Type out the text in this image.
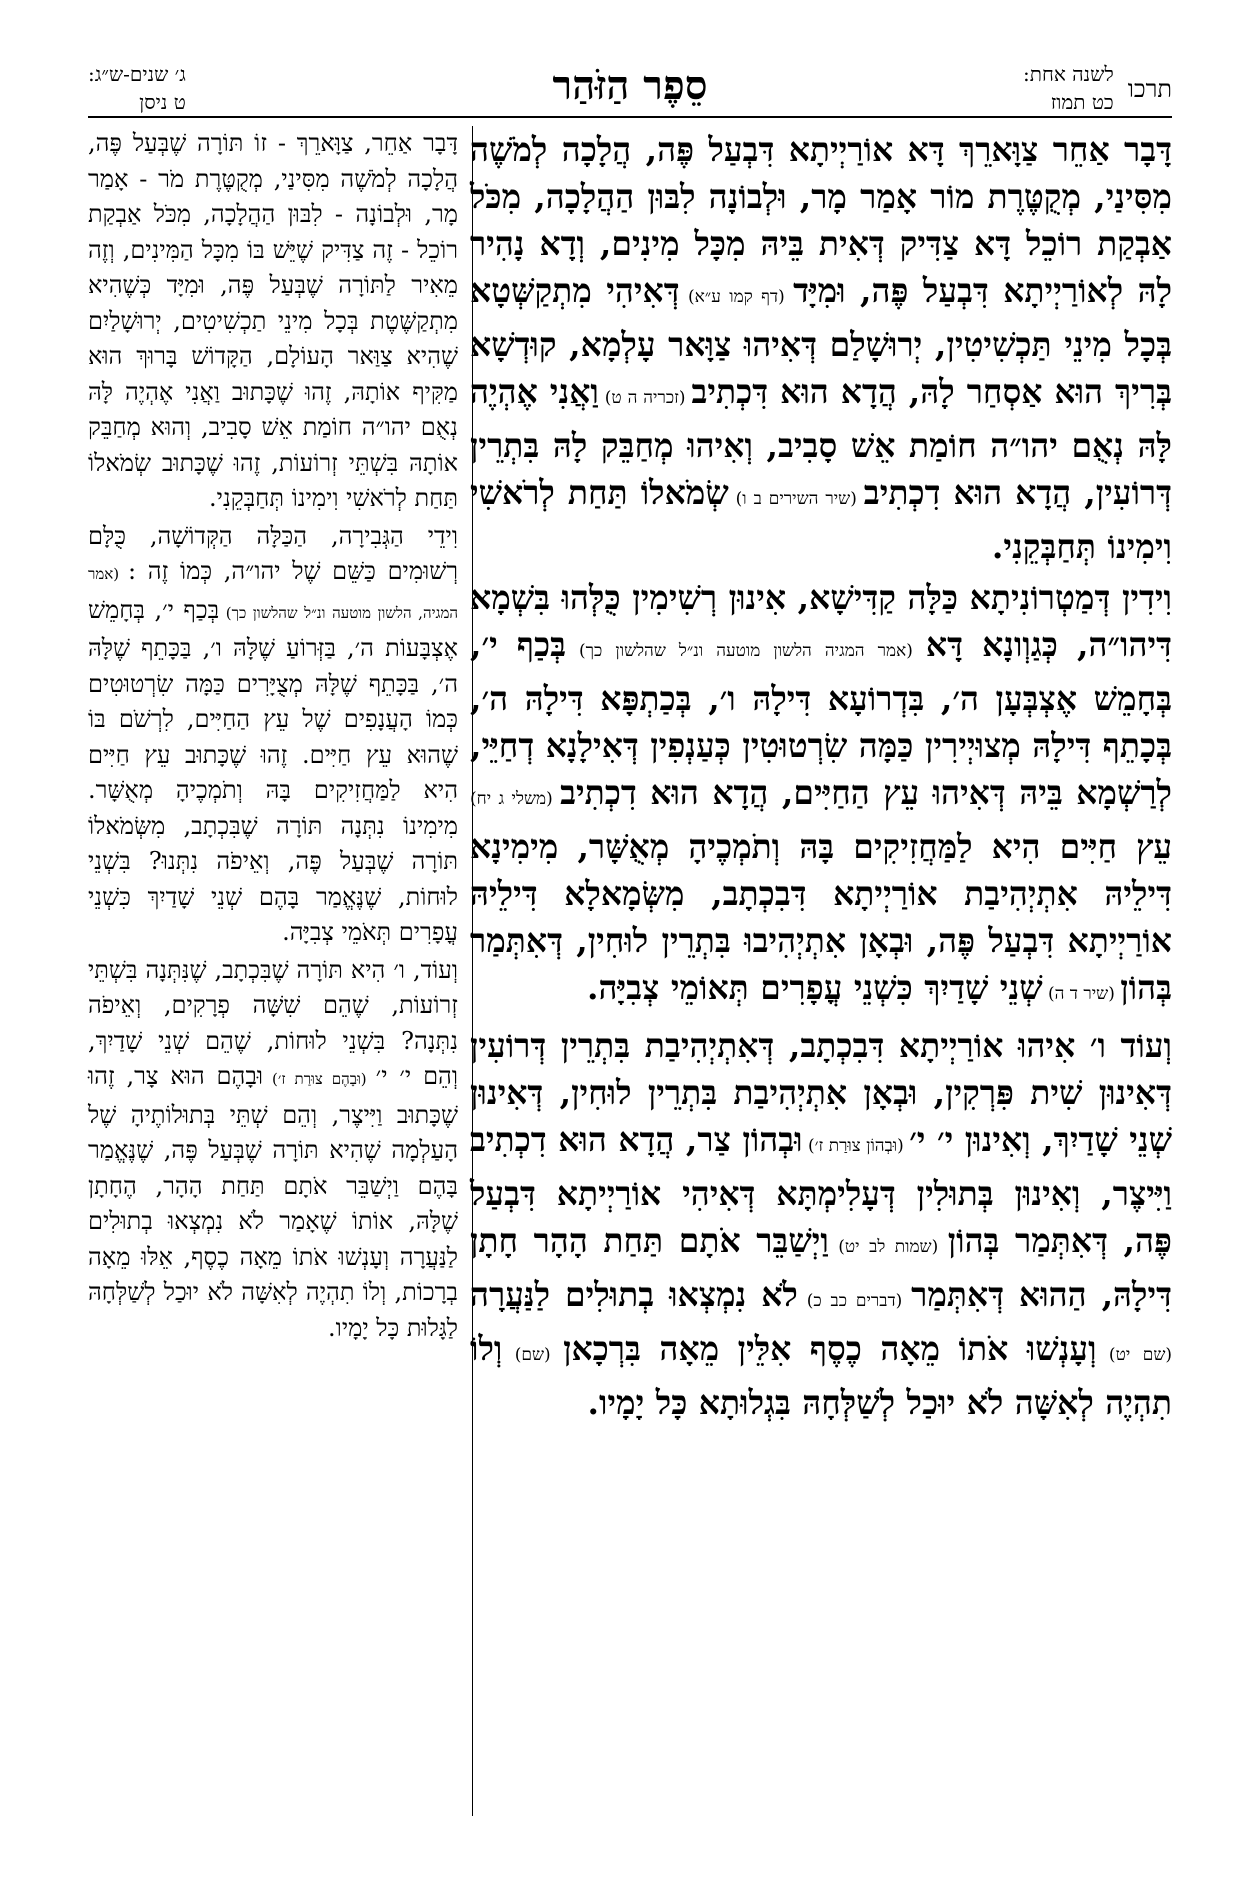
תרכו
לשנה אחת:
כט תמוז
סֵפֶר הַזֹּהַר
ג׳ שנים-ש״ג:
ט ניסן

דָּבָר אַחֵר צַוָּארֵךְ דָּא אוֹרַיְיתָא דִּבְעַל פֶּה, הֲלָכָה לְמֹשֶׁה מִסִּינַי, מְקֻטֶּרֶת מוֹר אָמַר מָר, וּלְבוֹנָה לִבּוּן הַהֲלָכָה, מִכֹּל אַבְקַת רוֹכֵל דָּא צַדִּיק דְּאִית בֵּיהּ מִכָּל מִינִים, וְדָא נָהִיר לָהּ לְאוֹרַיְיתָא דִּבְעַל פֶּה, וּמִיָּד (דף קמו ע״א) דְּאִיהִי מִתְקַשְּׁטָא בְּכָל מִינֵי תַּכְשִׁיטִין, יְרוּשָׁלַם דְּאִיהוּ צַוָּאר עָלְמָא, קוּדְשָׁא בְּרִיךְ הוּא אַסְחַר לָהּ, הֲדָא הוּא דִּכְתִיב (זכריה ה ט) וַאֲנִי אֶהְיֶה לָּהּ נְאֻם יהו״ה חוֹמַת אֵשׁ סָבִיב, וְאִיהוּ מְחַבֵּק לָהּ בִּתְרֵין דְּרוֹעִין, הֲדָא הוּא דִכְתִיב (שיר השירים ב ו) שְׂמֹאלוֹ תַּחַת לְרֹאשִׁי וִימִינוֹ תְּחַבְּקֵנִי.

וִידִין דְּמַטְרוֹנִיתָא כַּלָּה קַדִּישָׁא, אִינוּן רְשִׁימִין כֻּלְּהוּ בִּשְׁמָא דִּיהו״ה, כְּגַוְונָא דָּא (אמר המגיה הלשון מוטעה ונ״ל שהלשון כך) בְּכַף י׳, בְּחָמֵשׁ אֶצְבְּעָן ה׳, בִּדְרוֹעָא דִּילָהּ ו׳, בְּכַתְפָּא דִּילָהּ ה׳, בְּכָתֵף דִּילָהּ מְצוּיְירִין כַּמָּה שִׂרְטוּטִין כְּעַנְפִין דְּאִילָנָא דְחַיֵּי, לְרַשְׁמָא בֵּיהּ דְּאִיהוּ עֵץ הַחַיִּים, הֲדָא הוּא דִכְתִיב (משלי ג יח) עֵץ חַיִּים הִיא לַמַּחֲזִיקִים בָּהּ וְתֹמְכֶיהָ מְאֻשָּׁר, מִימִינָא דִּילֵיהּ אִתְיְהִיבַת אוֹרַיְיתָא דִּבִכְתָב, מִשְּׂמָאלָא דִּילֵיהּ אוֹרַיְיתָא דִּבְעַל פֶּה, וּבְאָן אִתְיְהִיבוּ בִּתְרֵין לוּחִין, דְּאִתְּמַר בְּהוֹן (שיר ד ה) שְׁנֵי שָׁדַיִךְ כִּשְׁנֵי עֳפָרִים תְּאוֹמֵי צְבִיָּה.

וְעוֹד ו׳ אִיהוּ אוֹרַיְיתָא דִּבִכְתָב, דְּאִתְיְהִיבַת בִּתְרֵין דְּרוֹעִין דְּאִינוּן שִׁית פִּרְקִין, וּבְאָן אִתְיְהִיבַת בִּתְרֵין לוּחִין, דְּאִינוּן שְׁנֵי שָׁדַיִךְ, וְאִינוּן י׳ י׳ (וּבְהוֹן צוּרַת ז׳) וּבְהוֹן צַר, הֲדָא הוּא דִכְתִיב וַיִּיצֶר, וְאִינוּן בְּתוּלִין דְּעָלִימְתָּא דְּאִיהִי אוֹרַיְיתָא דִּבְעַל פֶּה, דְּאִתְּמַר בְּהוֹן (שמות לב יט) וַיְשַׁבֵּר אֹתָם תַּחַת הָהָר חָתָן דִּילָהּ, הַהוּא דְּאִתְּמַר (דברים כב כ) לֹא נִמְצְאוּ בְתוּלִים לַנַּעֲרָה (שם יט) וְעָנְשׁוּ אֹתוֹ מֵאָה כֶסֶף אִלֵּין מֵאָה בִּרְכָאן (שם) וְלוֹ תִהְיֶה לְאִשָּׁה לֹא יוּכַל לְשַׁלְּחָהּ בִּגְלוּתָא כָּל יָמָיו.

דָּבָר אַחֵר, צַוָּארֵךְ - זוֹ תּוֹרָה שֶׁבְּעַל פֶּה, הֲלָכָה לְמֹשֶׁה מִסִּינַי, מְקֻטֶּרֶת מֹר - אָמַר מָר, וּלְבוֹנָה - לִבּוּן הַהֲלָכָה, מִכֹּל אַבְקַת רוֹכֵל - זֶה צַדִּיק שֶׁיֵּשׁ בּוֹ מִכָּל הַמִּינִים, וְזֶה מֵאִיר לַתּוֹרָה שֶׁבְּעַל פֶּה, וּמִיָּד כְּשֶׁהִיא מִתְקַשֶּׁטֶת בְּכָל מִינֵי תַכְשִׁיטִים, יְרוּשָׁלַיִם שֶׁהִיא צַוַּאר הָעוֹלָם, הַקָּדוֹשׁ בָּרוּךְ הוּא מַקִּיף אוֹתָהּ, זֶהוּ שֶׁכָּתוּב וַאֲנִי אֶהְיֶה לָּהּ נְאֻם יהו״ה חוֹמַת אֵשׁ סָבִיב, וְהוּא מְחַבֵּק אוֹתָהּ בִּשְׁתֵּי זְרוֹעוֹת, זֶהוּ שֶׁכָּתוּב שְׂמֹאלוֹ תַּחַת לְרֹאשִׁי וִימִינוֹ תְּחַבְּקֵנִי.

וִידֵי הַגְּבִירָה, הַכַּלָּה הַקְּדוֹשָׁה, כֻּלָּם רְשׁוּמִים כַּשֵּׁם שֶׁל יהו״ה, כְּמוֹ זֶה : (אמר המגיה, הלשון מוטעה ונ״ל שהלשון כך) בְּכַף י׳, בְּחָמֵשׁ אֶצְבָּעוֹת ה׳, בַּזְּרוֹעַ שֶׁלָּהּ ו׳, בַּכָּתֵף שֶׁלָּהּ ה׳, בַּכָּתֵף שֶׁלָּהּ מְצֻיָּרִים כַּמָּה שִׂרְטוּטִים כְּמוֹ הָעֲנָפִים שֶׁל עֵץ הַחַיִּים, לִרְשֹׁם בּוֹ שֶׁהוּא עֵץ חַיִּים. זֶהוּ שֶׁכָּתוּב עֵץ חַיִּים הִיא לַמַּחֲזִיקִים בָּהּ וְתֹמְכֶיהָ מְאֻשָּׁר. מִימִינוֹ נִתְּנָה תּוֹרָה שֶׁבִּכְתָב, מִשְּׂמֹאלוֹ תּוֹרָה שֶׁבְּעַל פֶּה, וְאֵיפֹה נִתְּנוּ? בִּשְׁנֵי לוּחוֹת, שֶׁנֶּאֱמַר בָּהֶם שְׁנֵי שָׁדַיִךְ כִּשְׁנֵי עֳפָרִים תְּאֹמֵי צְבִיָּה.

וְעוֹד, ו׳ הִיא תּוֹרָה שֶׁבִּכְתָב, שֶׁנִּתְּנָה בִּשְׁתֵּי זְרוֹעוֹת, שֶׁהֵם שִׁשָּׁה פְרָקִים, וְאֵיפֹה נִתְּנָה? בִּשְׁנֵי לוּחוֹת, שֶׁהֵם שְׁנֵי שָׁדַיִךְ, וְהֵם י׳ י׳ (וּבָהֶם צוּרַת ז׳) וּבָהֶם הוּא צָר, זֶהוּ שֶׁכָּתוּב וַיִּיצֶר, וְהֵם שְׁתֵּי בְּתוּלוֹתֶיהָ שֶׁל הָעַלְמָה שֶׁהִיא תּוֹרָה שֶׁבְּעַל פֶּה, שֶׁנֶּאֱמַר בָּהֶם וַיְשַׁבֵּר אֹתָם תַּחַת הָהָר, הֶחָתָן שֶׁלָּהּ, אוֹתוֹ שֶׁאָמַר לֹא נִמְצְאוּ בְתוּלִים לַנַּעֲרָה וְעָנְשׁוּ אֹתוֹ מֵאָה כֶסֶף, אֵלּוּ מֵאָה בְרָכוֹת, וְלוֹ תִהְיֶה לְאִשָּׁה לֹא יוּכַל לְשַׁלְּחָהּ לַגָּלוּת כָּל יָמָיו.
